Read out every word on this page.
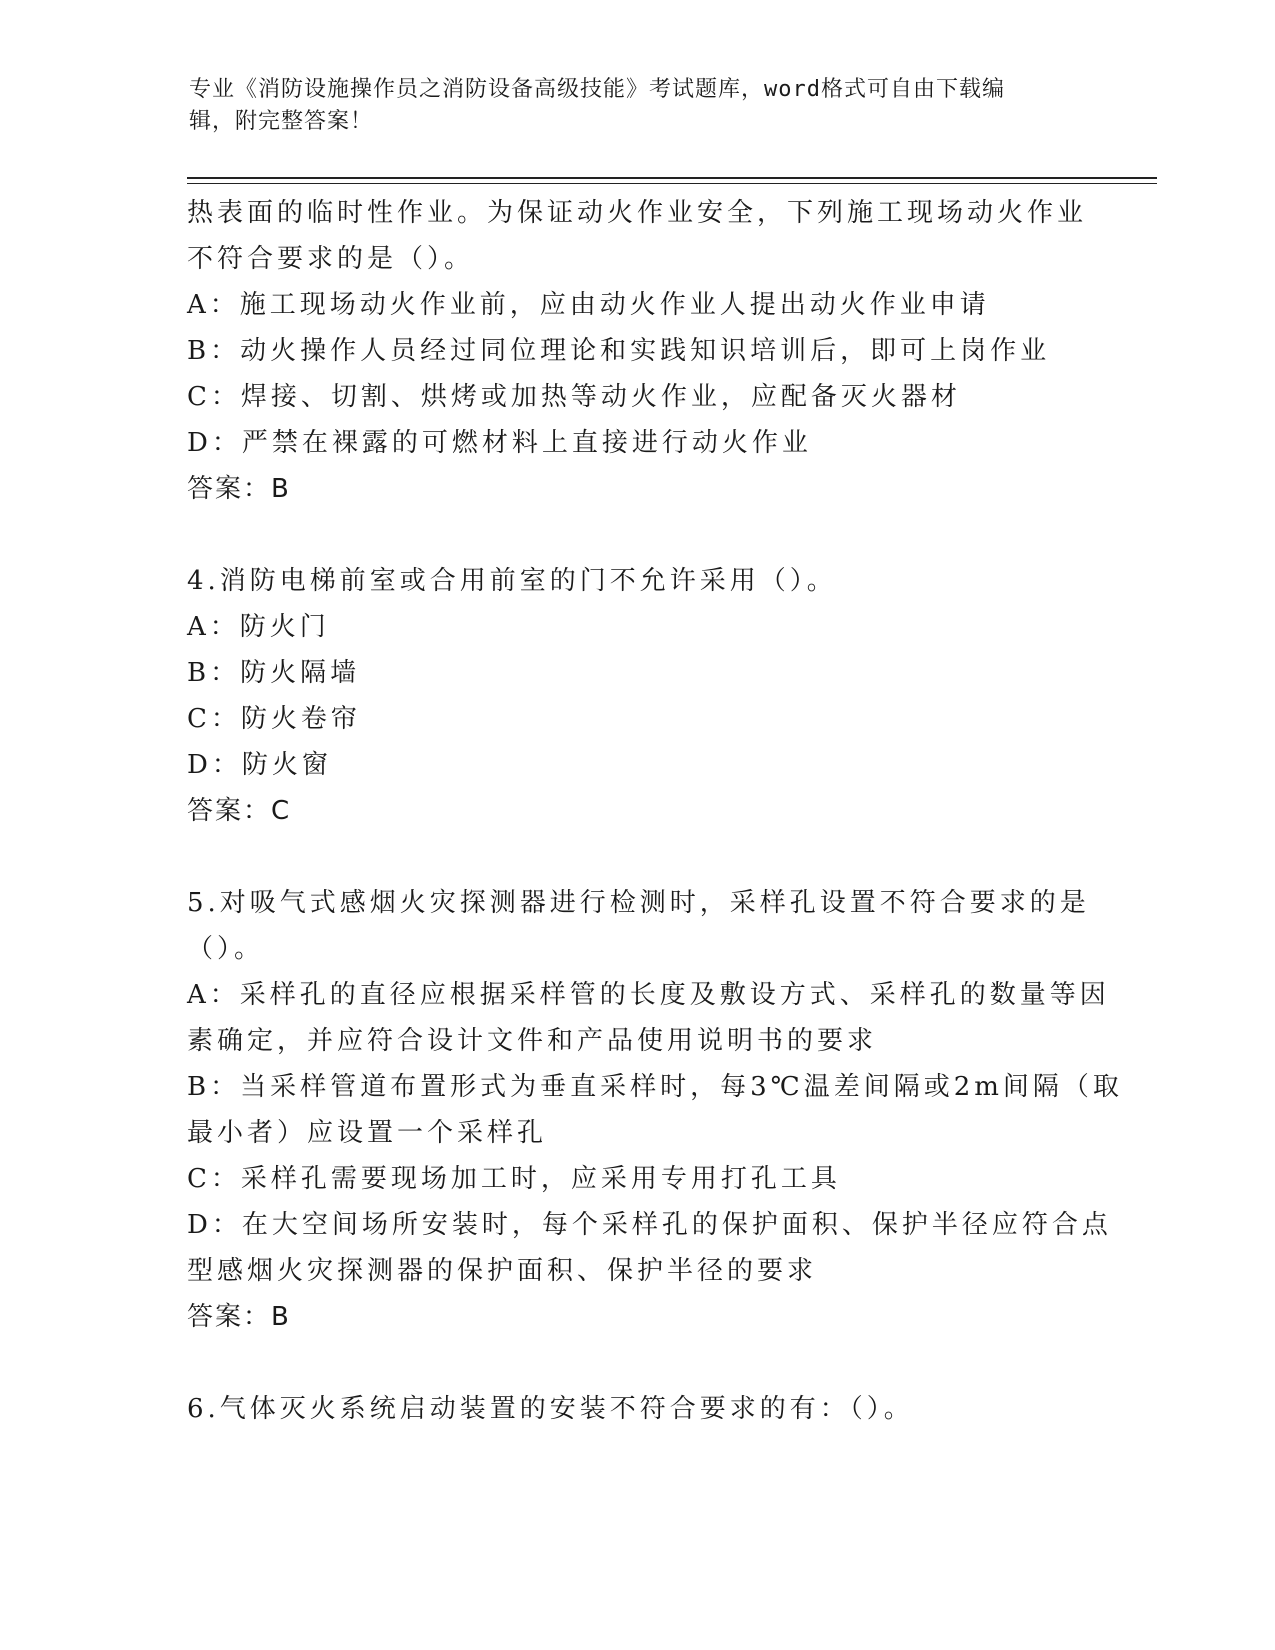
专业《消防设施操作员之消防设备高级技能》考试题库，word格式可自由下载编
辑，附完整答案！
热表面的临时性作业。为保证动火作业安全，下列施工现场动火作业
不符合要求的是（）。
A：施工现场动火作业前，应由动火作业人提出动火作业申请
B：动火操作人员经过同位理论和实践知识培训后，即可上岗作业
C：焊接、切割、烘烤或加热等动火作业，应配备灭火器材
D：严禁在裸露的可燃材料上直接进行动火作业
答案：B
4.消防电梯前室或合用前室的门不允许采用（）。
A：防火门
B：防火隔墙
C：防火卷帘
D：防火窗
答案：C
5.对吸气式感烟火灾探测器进行检测时，采样孔设置不符合要求的是
（）。
A：采样孔的直径应根据采样管的长度及敷设方式、采样孔的数量等因
素确定，并应符合设计文件和产品使用说明书的要求
B：当采样管道布置形式为垂直采样时，每3℃温差间隔或2m间隔（取
最小者）应设置一个采样孔
C：采样孔需要现场加工时，应采用专用打孔工具
D：在大空间场所安装时，每个采样孔的保护面积、保护半径应符合点
型感烟火灾探测器的保护面积、保护半径的要求
答案：B
6.气体灭火系统启动装置的安装不符合要求的有：（）。
